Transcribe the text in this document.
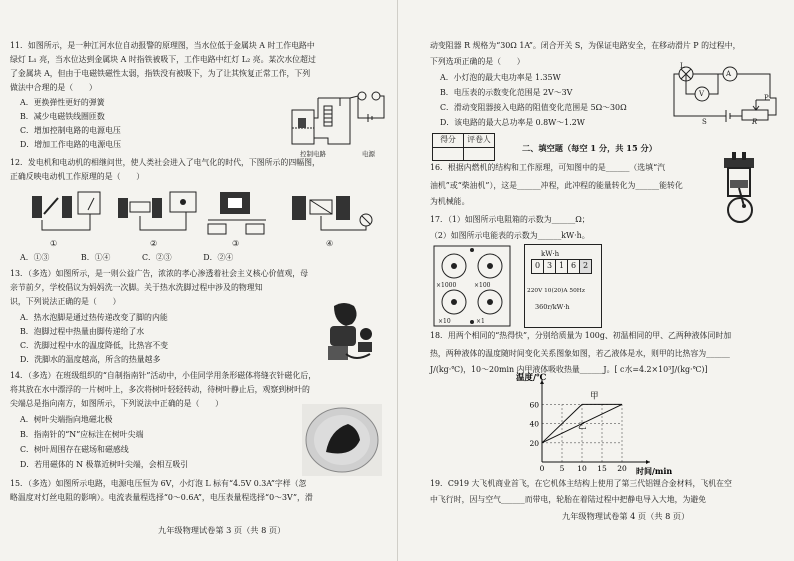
11．如图所示，是一种江河水位自动报警的原理图，当水位低于金属块 A 时工作电路中
绿灯 L₁ 亮，当水位达到金属块 A 时指铁被吸下，工作电路中红灯 L₂ 亮。某次水位超过
了金属块 A，但由于电磁铁磁性太弱，指铁没有被吸下，为了让其恢复正常工作，下列
做法中合理的是（　　）
A．更换弹性更好的弹簧
B．减少电磁铁线圈匝数
C．增加控制电路的电源电压
D．增加工作电路的电源电压
控制电路	电源
12．发电机和电动机的相继问世，使人类社会进入了电气化的时代，下图所示的四幅图，
正确反映电动机工作原理的是（　　）
①	②	③	④
A．①③　　　　B．①④　　　　C．②③　　　　D．②④
13．（多选）如图所示，是一则公益广告，浓浓的孝心渗透着社会主义核心价值观，母
亲节前夕，学校倡议为妈妈洗一次脚。关于热水洗脚过程中涉及的物理知
识，下列说法正确的是（　　）
A．热水泡脚是通过热传递改变了脚的内能
B．泡脚过程中热量由脚传递给了水
C．洗脚过程中水的温度降低，比热容不变
D．洗脚水的温度越高，所含的热量越多
14．（多选）在班级组织的“自制指南针”活动中，小佳同学用条形磁体将缝衣针磁化后，
将其放在水中漂浮的一片树叶上，多次将树叶轻轻转动，待树叶静止后，观察到树叶的
尖端总是指向南方，如图所示，下列说法中正确的是（　　）
A．树叶尖端指向地磁北极
B．指南针的“N”应标注在树叶尖端
C．树叶周围存在磁场和磁感线
D．若用磁体的 N 极靠近树叶尖端，会相互吸引
15．（多选）如图所示电路，电源电压恒为 6V，小灯泡 L 标有“4.5V 0.3A”字样（忽
略温度对灯丝电阻的影响）。电流表量程选择“0～0.6A”，电压表量程选择“0～3V”，滑
九年级物理试卷第 3 页（共 8 页）
动变阻器 R 规格为“30Ω 1A”。闭合开关 S，为保证电路安全，在移动滑片 P 的过程中，
下列选项正确的是（　　）
A．小灯泡的最大电功率是 1.35W
B．电压表的示数变化范围是 2V～3V
C．滑动变阻器接入电路的阻值变化范围是 5Ω～30Ω
D．该电路的最大总功率是 0.8W～1.2W
L
A
V
S
P
R
得分	评卷人

二、填空题（每空 1 分，共 15 分）
16．根据内燃机的结构和工作原理，可知图中的是______（选填“汽
油机”或“柴油机”），这是______冲程，此冲程的能量转化为______能转化
为机械能。
17．（1）如图所示电阻箱的示数为______Ω；
（2）如图所示电能表的示数为______kW·h。
×1000	×100
×10	×1
kW·h
0 3 1 6 2
220V 10(20)A 50Hz
360r/kW·h
18．用两个相同的“热得快”，分别给质量为 100g、初温相同的甲、乙两种液体同时加
热，两种液体的温度随时间变化关系图象如图，若乙液体是水，则甲的比热容为______
J/(kg·℃)，10～20min 内甲液体吸收热量______J。[ c水=4.2×10³J/(kg·℃)]
0 5 10 15 20
20
40
60
温度/℃
时间/min
甲
乙
19．C919 大飞机商业首飞，在它机体主结构上使用了第三代铝锂合金材料，飞机在空
中飞行时，因与空气______而带电，轮胎在着陆过程中把静电导入大地，为避免
九年级物理试卷第 4 页（共 8 页）
